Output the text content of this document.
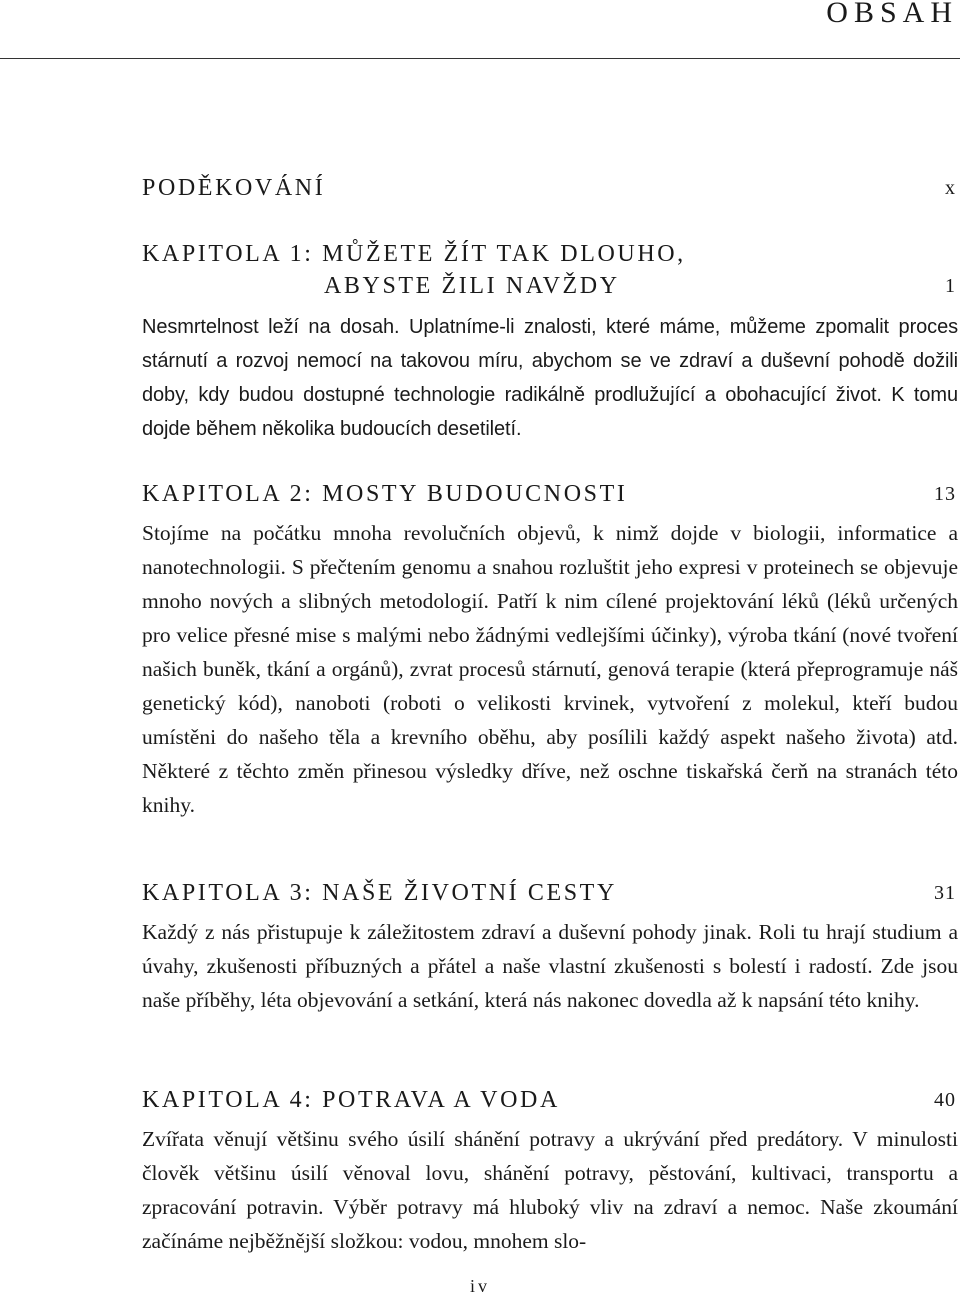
OBSAH
PODĚKOVÁNÍ	x
KAPITOLA 1: MŮŽETE ŽÍT TAK DLOUHO,
ABYSTE ŽILI NAVŽDY	1

Nesmrtelnost leží na dosah. Uplatníme-li znalosti, které máme, můžeme zpomalit proces stárnutí a rozvoj nemocí na takovou míru, abychom se ve zdraví a duševní pohodě dožili doby, kdy budou dostupné technologie radikálně prodlužující a obohacující život. K tomu dojde během několika budoucích desetiletí.

KAPITOLA 2: MOSTY BUDOUCNOSTI	13

Stojíme na počátku mnoha revolučních objevů, k nimž dojde v biologii, informatice a nanotechnologii. S přečtením genomu a snahou rozluštit jeho expresi v proteinech se objevuje mnoho nových a slibných metodologií. Patří k nim cílené projektování léků (léků určených pro velice přesné mise s malými nebo žádnými vedlejšími účinky), výroba tkání (nové tvoření našich buněk, tkání a orgánů), zvrat procesů stárnutí, genová terapie (která přeprogramuje náš genetický kód), nanoboti (roboti o velikosti krvinek, vytvoření z molekul, kteří budou umístěni do našeho těla a krevního oběhu, aby posílili každý aspekt našeho života) atd. Některé z těchto změn přinesou výsledky dříve, než oschne tiskařská čerň na stranách této knihy.

KAPITOLA 3: NAŠE ŽIVOTNÍ CESTY	31

Každý z nás přistupuje k záležitostem zdraví a duševní pohody jinak. Roli tu hrají studium a úvahy, zkušenosti příbuzných a přátel a naše vlastní zkušenosti s bolestí i radostí. Zde jsou naše příběhy, léta objevování a setkání, která nás nakonec dovedla až k napsání této knihy.

KAPITOLA 4: POTRAVA A VODA	40

Zvířata věnují většinu svého úsilí shánění potravy a ukrývání před predátory. V minulosti člověk většinu úsilí věnoval lovu, shánění potravy, pěstování, kultivaci, transportu a zpracování potravin. Výběr potravy má hluboký vliv na zdraví a nemoc. Naše zkoumání začínáme nejběžnější složkou: vodou, mnohem slo-

iv
